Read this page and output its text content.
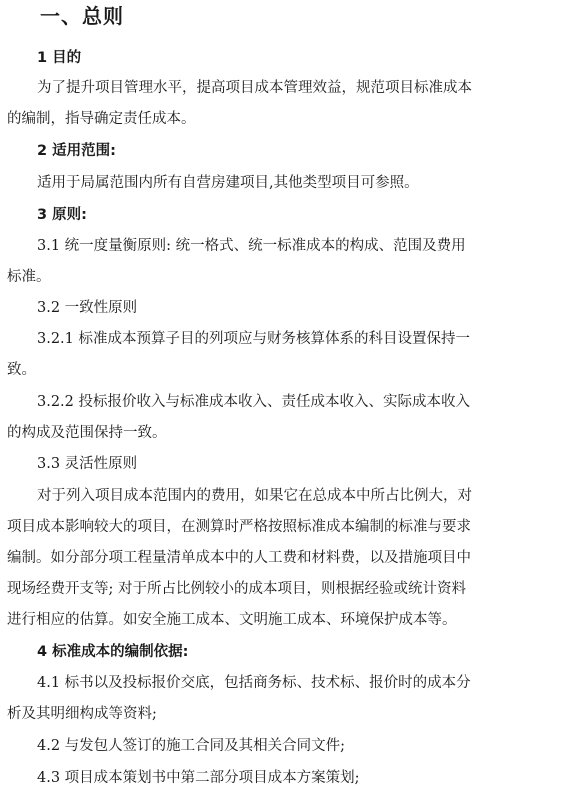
一、总则
1 目的
为了提升项目管理水平，提高项目成本管理效益，规范项目标准成本
的编制，指导确定责任成本。
2 适用范围:
适用于局属范围内所有自营房建项目,其他类型项目可参照。
3 原则:
3.1 统一度量衡原则: 统一格式、统一标准成本的构成、范围及费用
标准。
3.2 一致性原则
3.2.1 标准成本预算子目的列项应与财务核算体系的科目设置保持一
致。
3.2.2 投标报价收入与标准成本收入、责任成本收入、实际成本收入
的构成及范围保持一致。
3.3 灵活性原则
对于列入项目成本范围内的费用，如果它在总成本中所占比例大，对
项目成本影响较大的项目，在测算时严格按照标准成本编制的标准与要求
编制。如分部分项工程量清单成本中的人工费和材料费，以及措施项目中
现场经费开支等; 对于所占比例较小的成本项目，则根据经验或统计资料
进行相应的估算。如安全施工成本、文明施工成本、环境保护成本等。
4 标准成本的编制依据:
4.1 标书以及投标报价交底，包括商务标、技术标、报价时的成本分
析及其明细构成等资料;
4.2 与发包人签订的施工合同及其相关合同文件;
4.3 项目成本策划书中第二部分项目成本方案策划;
